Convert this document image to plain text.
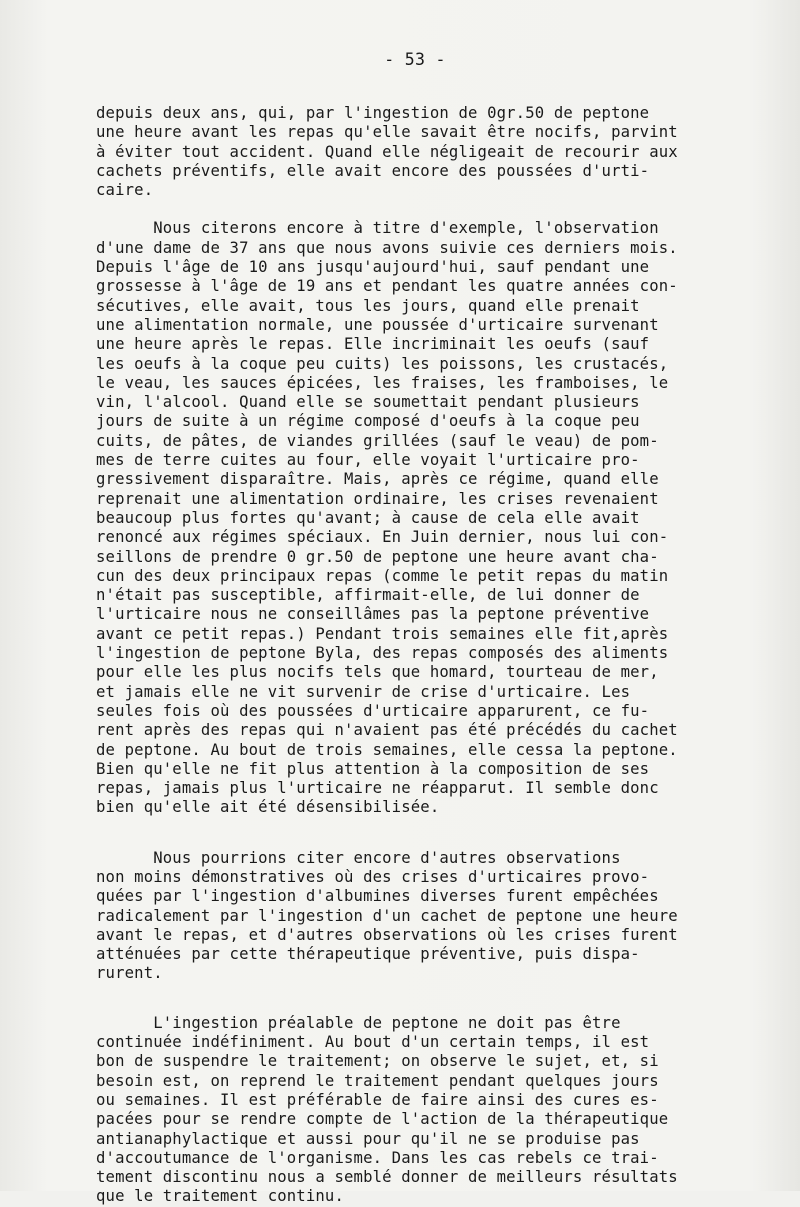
- 53 -
depuis deux ans, qui, par l'ingestion de 0gr.50 de peptone
une heure avant les repas qu'elle savait être nocifs, parvint
à éviter tout accident. Quand elle négligeait de recourir aux
cachets préventifs, elle avait encore des poussées d'urti-
caire.
Nous citerons encore à titre d'exemple, l'observation
d'une dame de 37 ans que nous avons suivie ces derniers mois.
Depuis l'âge de 10 ans jusqu'aujourd'hui, sauf pendant une
grossesse à l'âge de 19 ans et pendant les quatre années con-
sécutives, elle avait, tous les jours, quand elle prenait
une alimentation normale, une poussée d'urticaire survenant
une heure après le repas. Elle incriminait les oeufs (sauf
les oeufs à la coque peu cuits) les poissons, les crustacés,
le veau, les sauces épicées, les fraises, les framboises, le
vin, l'alcool. Quand elle se soumettait pendant plusieurs
jours de suite à un régime composé d'oeufs à la coque peu
cuits, de pâtes, de viandes grillées (sauf le veau) de pom-
mes de terre cuites au four, elle voyait l'urticaire pro-
gressivement disparaître. Mais, après ce régime, quand elle
reprenait une alimentation ordinaire, les crises revenaient
beaucoup plus fortes qu'avant; à cause de cela elle avait
renoncé aux régimes spéciaux. En Juin dernier, nous lui con-
seillons de prendre 0 gr.50 de peptone une heure avant cha-
cun des deux principaux repas (comme le petit repas du matin
n'était pas susceptible, affirmait-elle, de lui donner de
l'urticaire nous ne conseillâmes pas la peptone préventive
avant ce petit repas.) Pendant trois semaines elle fit,après
l'ingestion de peptone Byla, des repas composés des aliments
pour elle les plus nocifs tels que homard, tourteau de mer,
et jamais elle ne vit survenir de crise d'urticaire. Les
seules fois où des poussées d'urticaire apparurent, ce fu-
rent après des repas qui n'avaient pas été précédés du cachet
de peptone. Au bout de trois semaines, elle cessa la peptone.
Bien qu'elle ne fit plus attention à la composition de ses
repas, jamais plus l'urticaire ne réapparut. Il semble donc
bien qu'elle ait été désensibilisée.
Nous pourrions citer encore d'autres observations
non moins démonstratives où des crises d'urticaires provo-
quées par l'ingestion d'albumines diverses furent empêchées
radicalement par l'ingestion d'un cachet de peptone une heure
avant le repas, et d'autres observations où les crises furent
atténuées par cette thérapeutique préventive, puis dispa-
rurent.
L'ingestion préalable de peptone ne doit pas être
continuée indéfiniment. Au bout d'un certain temps, il est
bon de suspendre le traitement; on observe le sujet, et, si
besoin est, on reprend le traitement pendant quelques jours
ou semaines. Il est préférable de faire ainsi des cures es-
pacées pour se rendre compte de l'action de la thérapeutique
antianaphylactique et aussi pour qu'il ne se produise pas
d'accoutumance de l'organisme. Dans les cas rebels ce trai-
tement discontinu nous a semblé donner de meilleurs résultats
que le traitement continu.
